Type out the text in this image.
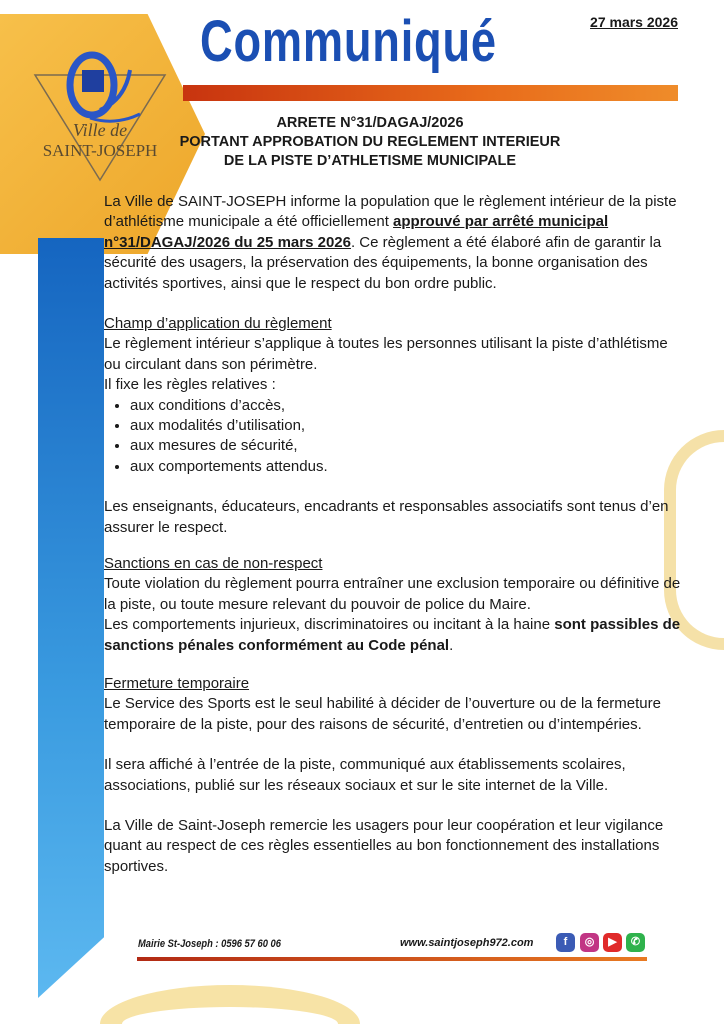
Ville de
SAINT-JOSEPH
Communiqué	27 mars 2026
ARRETE N°31/DAGAJ/2026
PORTANT APPROBATION DU REGLEMENT INTERIEUR
DE LA PISTE D’ATHLETISME MUNICIPALE

La Ville de SAINT-JOSEPH informe la population que le règlement intérieur de la piste d’athlétisme municipale a été officiellement approuvé par arrêté municipal n°31/DAGAJ/2026 du 25 mars 2026. Ce règlement a été élaboré afin de garantir la sécurité des usagers, la préservation des équipements, la bonne organisation des activités sportives, ainsi que le respect du bon ordre public.

Champ d’application du règlement

Le règlement intérieur s’applique à toutes les personnes utilisant la piste d’athlétisme ou circulant dans son périmètre.

Il fixe les règles relatives :

• aux conditions d’accès,
• aux modalités d’utilisation,
• aux mesures de sécurité,
• aux comportements attendus.

Les enseignants, éducateurs, encadrants et responsables associatifs sont tenus d’en assurer le respect.

Sanctions en cas de non-respect

Toute violation du règlement pourra entraîner une exclusion temporaire ou définitive de la piste, ou toute mesure relevant du pouvoir de police du Maire.

Les comportements injurieux, discriminatoires ou incitant à la haine sont passibles de sanctions pénales conformément au Code pénal.

Fermeture temporaire

Le Service des Sports est le seul habilité à décider de l’ouverture ou de la fermeture temporaire de la piste, pour des raisons de sécurité, d’entretien ou d’intempéries.

Il sera affiché à l’entrée de la piste, communiqué aux établissements scolaires, associations, publié sur les réseaux sociaux et sur le site internet de la Ville.

La Ville de Saint-Joseph remercie les usagers pour leur coopération et leur vigilance quant au respect de ces règles essentielles au bon fonctionnement des installations sportives.

Mairie St-Joseph : 0596 57 60 06	www.saintjoseph972.com	f	◎	▶	✆
